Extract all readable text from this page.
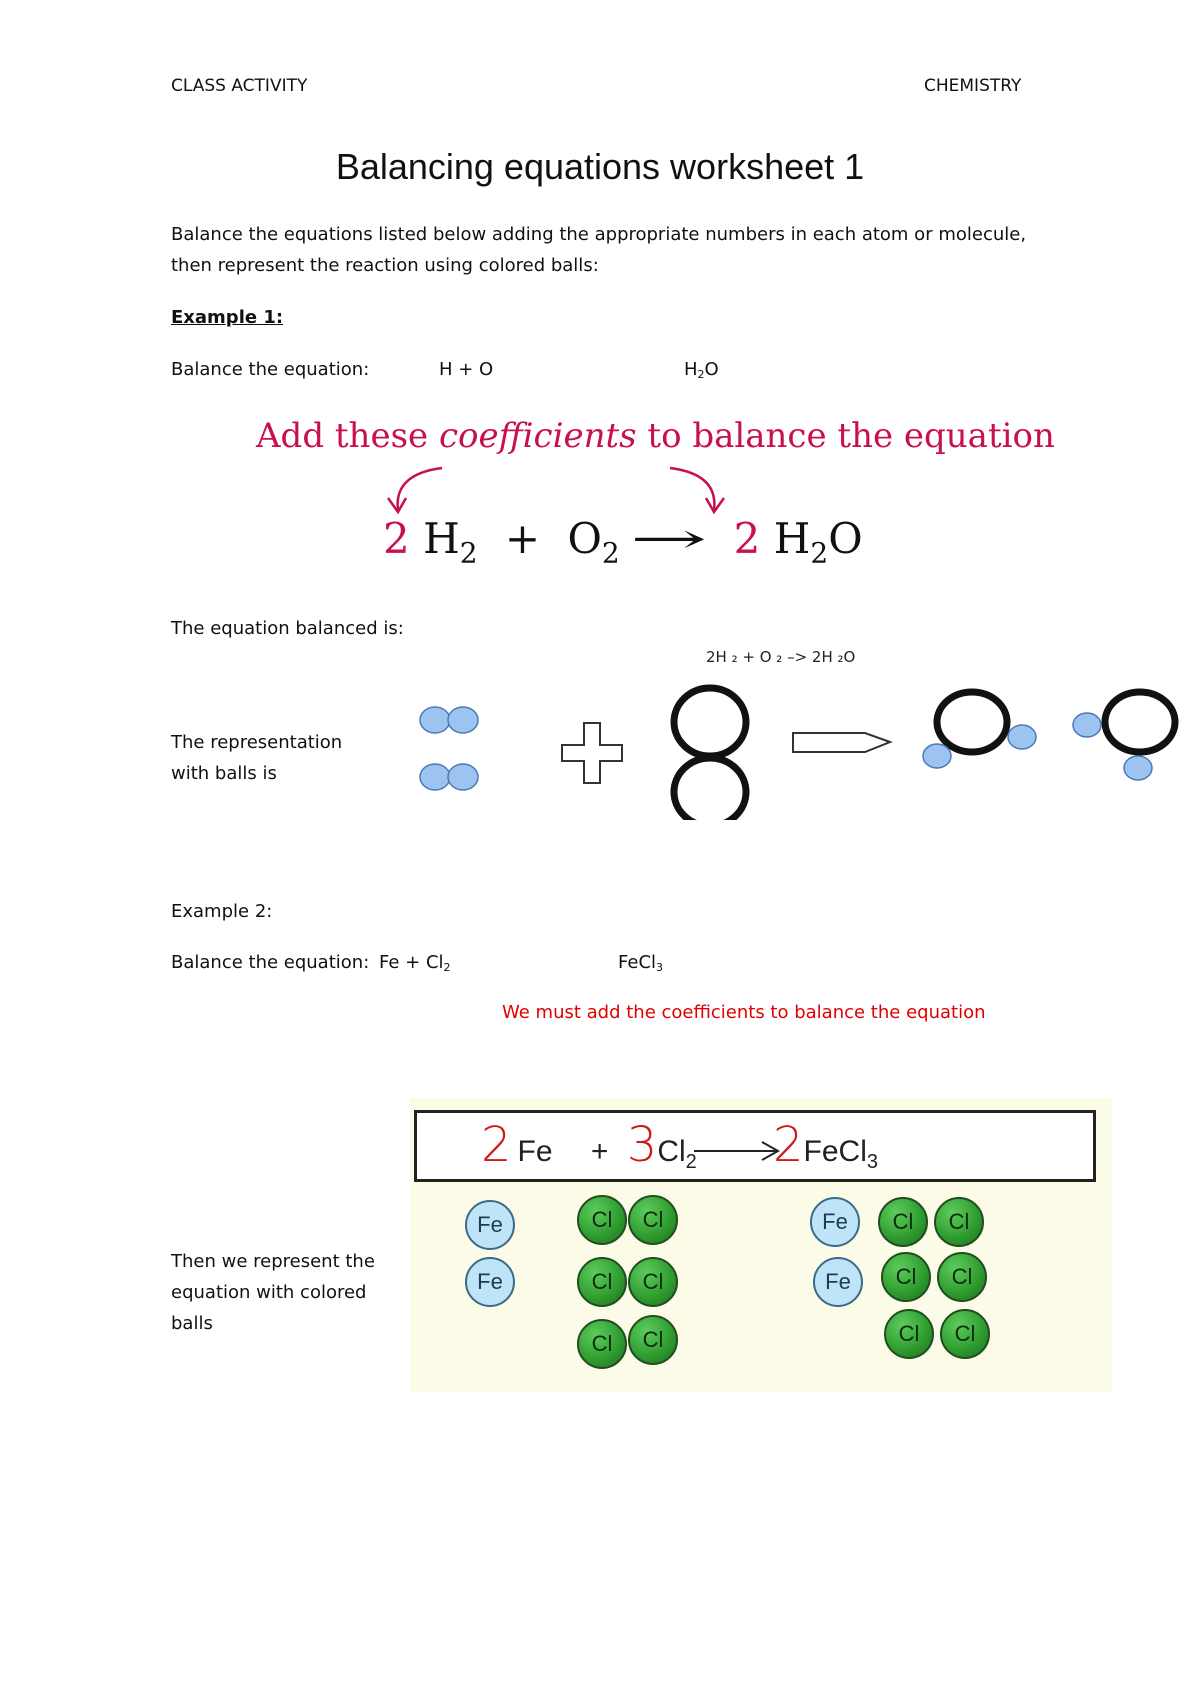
CLASS ACTIVITY	CHEMISTRY
Balancing equations worksheet 1
Balance the equations listed below adding the appropriate numbers in each atom or molecule,
then represent the reaction using colored balls:
Example 1:
Balance the equation:	H + O	$H_2O$
Add these coefficients to balance the equation
2 $H_2 + O_2 \to 2$ $H_2O$
The equation balanced is:
2H ₂ + O ₂ –> 2H ₂O
The representation
with balls is
Example 2:
Balance the equation: $Fe + Cl_2$	FeCl$_3$
We must add the coefficients to balance the equation
2 $Fe + 3Cl_2$ 2FeCl$_3$
Fe
Fe
Cl	Cl
Cl	Cl
Cl	Cl
Fe
Fe
Cl	Cl
Cl	Cl
Cl	Cl
Then we represent the
equation with colored
balls
